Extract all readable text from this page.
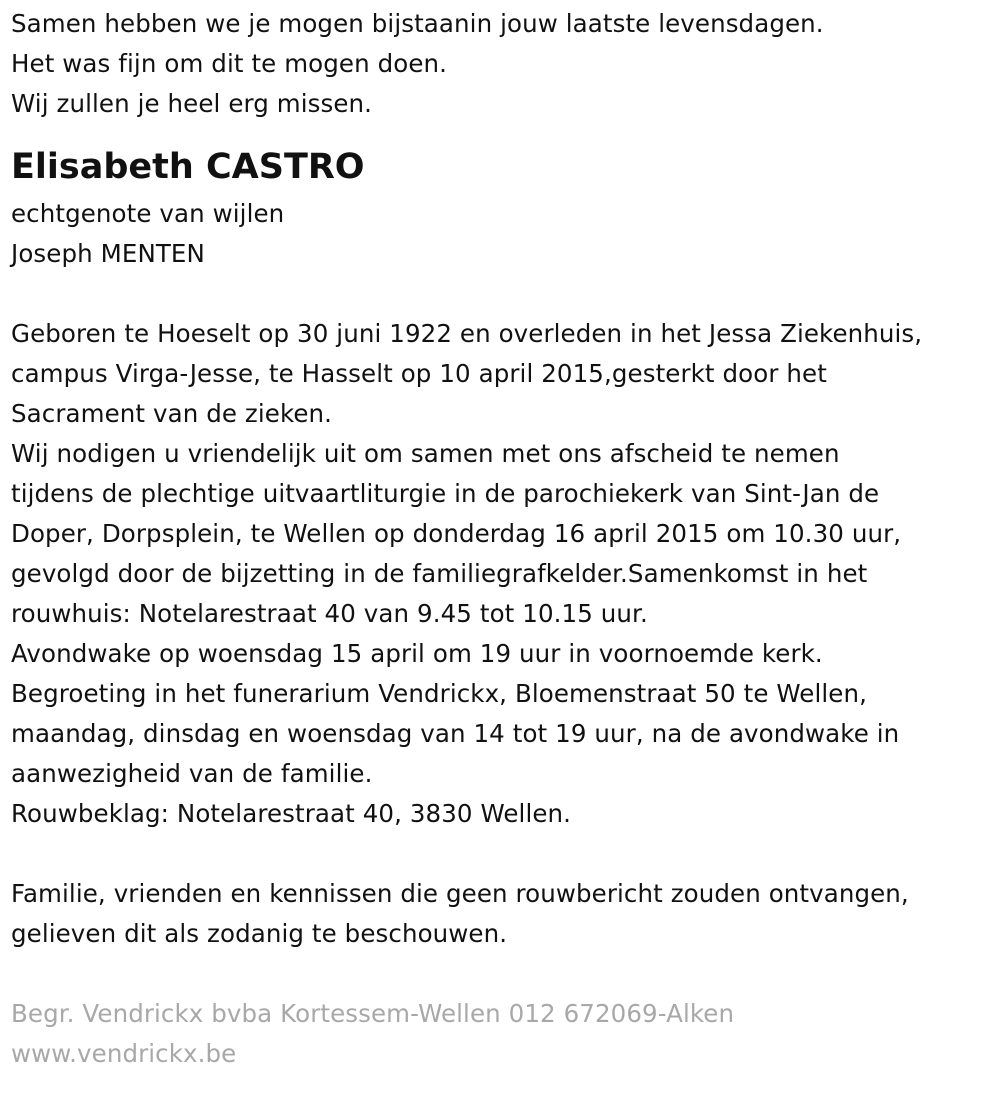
Samen hebben we je mogen bijstaanin jouw laatste levensdagen.
Het was fijn om dit te mogen doen.
Wij zullen je heel erg missen.
Elisabeth CASTRO
echtgenote van wijlen
Joseph MENTEN
Geboren te Hoeselt op 30 juni 1922 en overleden in het Jessa Ziekenhuis,
campus Virga-Jesse, te Hasselt op 10 april 2015,gesterkt door het
Sacrament van de zieken.
Wij nodigen u vriendelijk uit om samen met ons afscheid te nemen
tijdens de plechtige uitvaartliturgie in de parochiekerk van Sint-Jan de
Doper, Dorpsplein, te Wellen op donderdag 16 april 2015 om 10.30 uur,
gevolgd door de bijzetting in de familiegrafkelder.Samenkomst in het
rouwhuis: Notelarestraat 40 van 9.45 tot 10.15 uur.
Avondwake op woensdag 15 april om 19 uur in voornoemde kerk.
Begroeting in het funerarium Vendrickx, Bloemenstraat 50 te Wellen,
maandag, dinsdag en woensdag van 14 tot 19 uur, na de avondwake in
aanwezigheid van de familie.
Rouwbeklag: Notelarestraat 40, 3830 Wellen.
Familie, vrienden en kennissen die geen rouwbericht zouden ontvangen,
gelieven dit als zodanig te beschouwen.
Begr. Vendrickx bvba Kortessem-Wellen 012 672069-Alken
www.vendrickx.be
